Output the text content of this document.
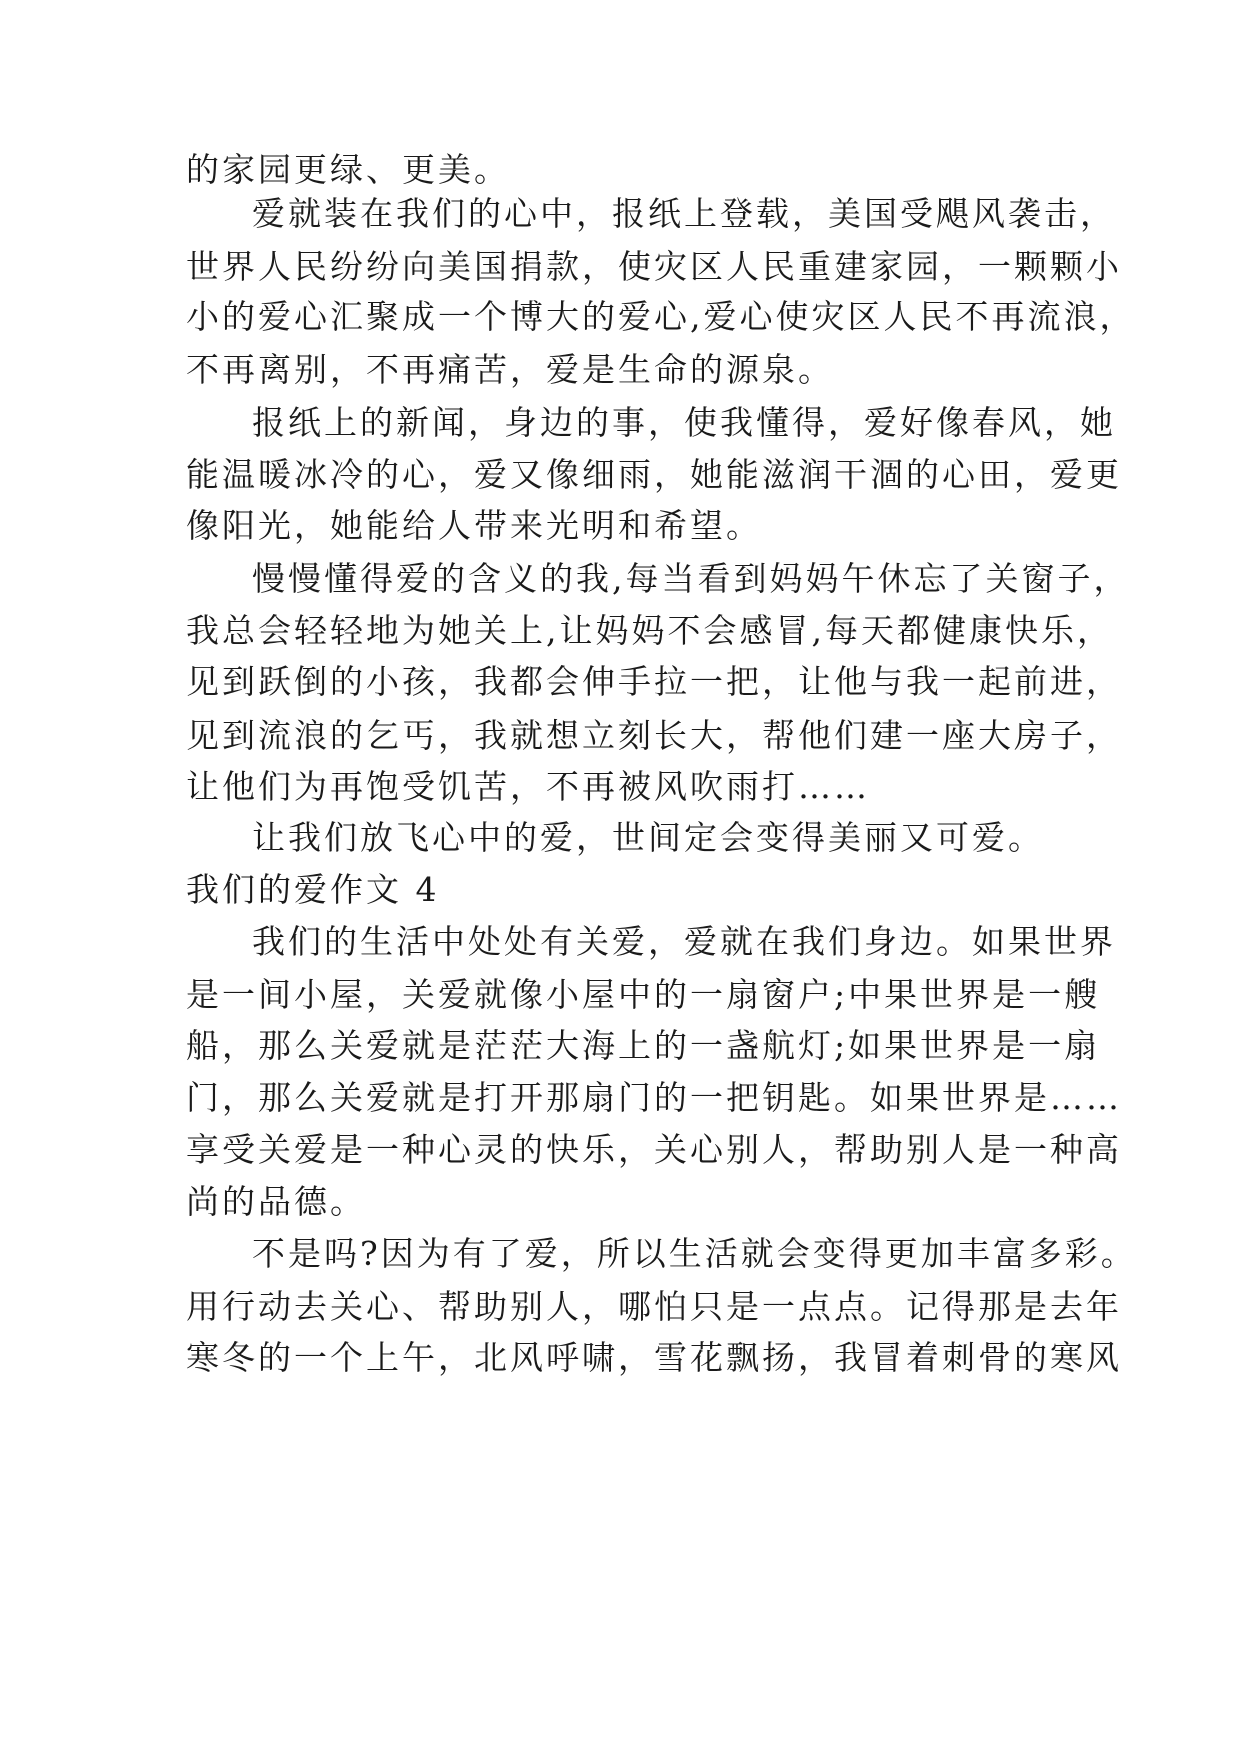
的家园更绿、更美。
爱就装在我们的心中，报纸上登载，美国受飓风袭击，
世界人民纷纷向美国捐款，使灾区人民重建家园，一颗颗小
小的爱心汇聚成一个博大的爱心,爱心使灾区人民不再流浪，
不再离别，不再痛苦，爱是生命的源泉。
报纸上的新闻，身边的事，使我懂得，爱好像春风，她
能温暖冰冷的心，爱又像细雨，她能滋润干涸的心田，爱更
像阳光，她能给人带来光明和希望。
慢慢懂得爱的含义的我,每当看到妈妈午休忘了关窗子，
我总会轻轻地为她关上,让妈妈不会感冒,每天都健康快乐，
见到跃倒的小孩，我都会伸手拉一把，让他与我一起前进，
见到流浪的乞丐，我就想立刻长大，帮他们建一座大房子，
让他们为再饱受饥苦，不再被风吹雨打……
让我们放飞心中的爱，世间定会变得美丽又可爱。
我们的爱作文 4
我们的生活中处处有关爱，爱就在我们身边。如果世界
是一间小屋，关爱就像小屋中的一扇窗户;中果世界是一艘
船，那么关爱就是茫茫大海上的一盏航灯;如果世界是一扇
门，那么关爱就是打开那扇门的一把钥匙。如果世界是……
享受关爱是一种心灵的快乐，关心别人，帮助别人是一种高
尚的品德。
不是吗?因为有了爱，所以生活就会变得更加丰富多彩。
用行动去关心、帮助别人，哪怕只是一点点。记得那是去年
寒冬的一个上午，北风呼啸，雪花飘扬，我冒着刺骨的寒风
